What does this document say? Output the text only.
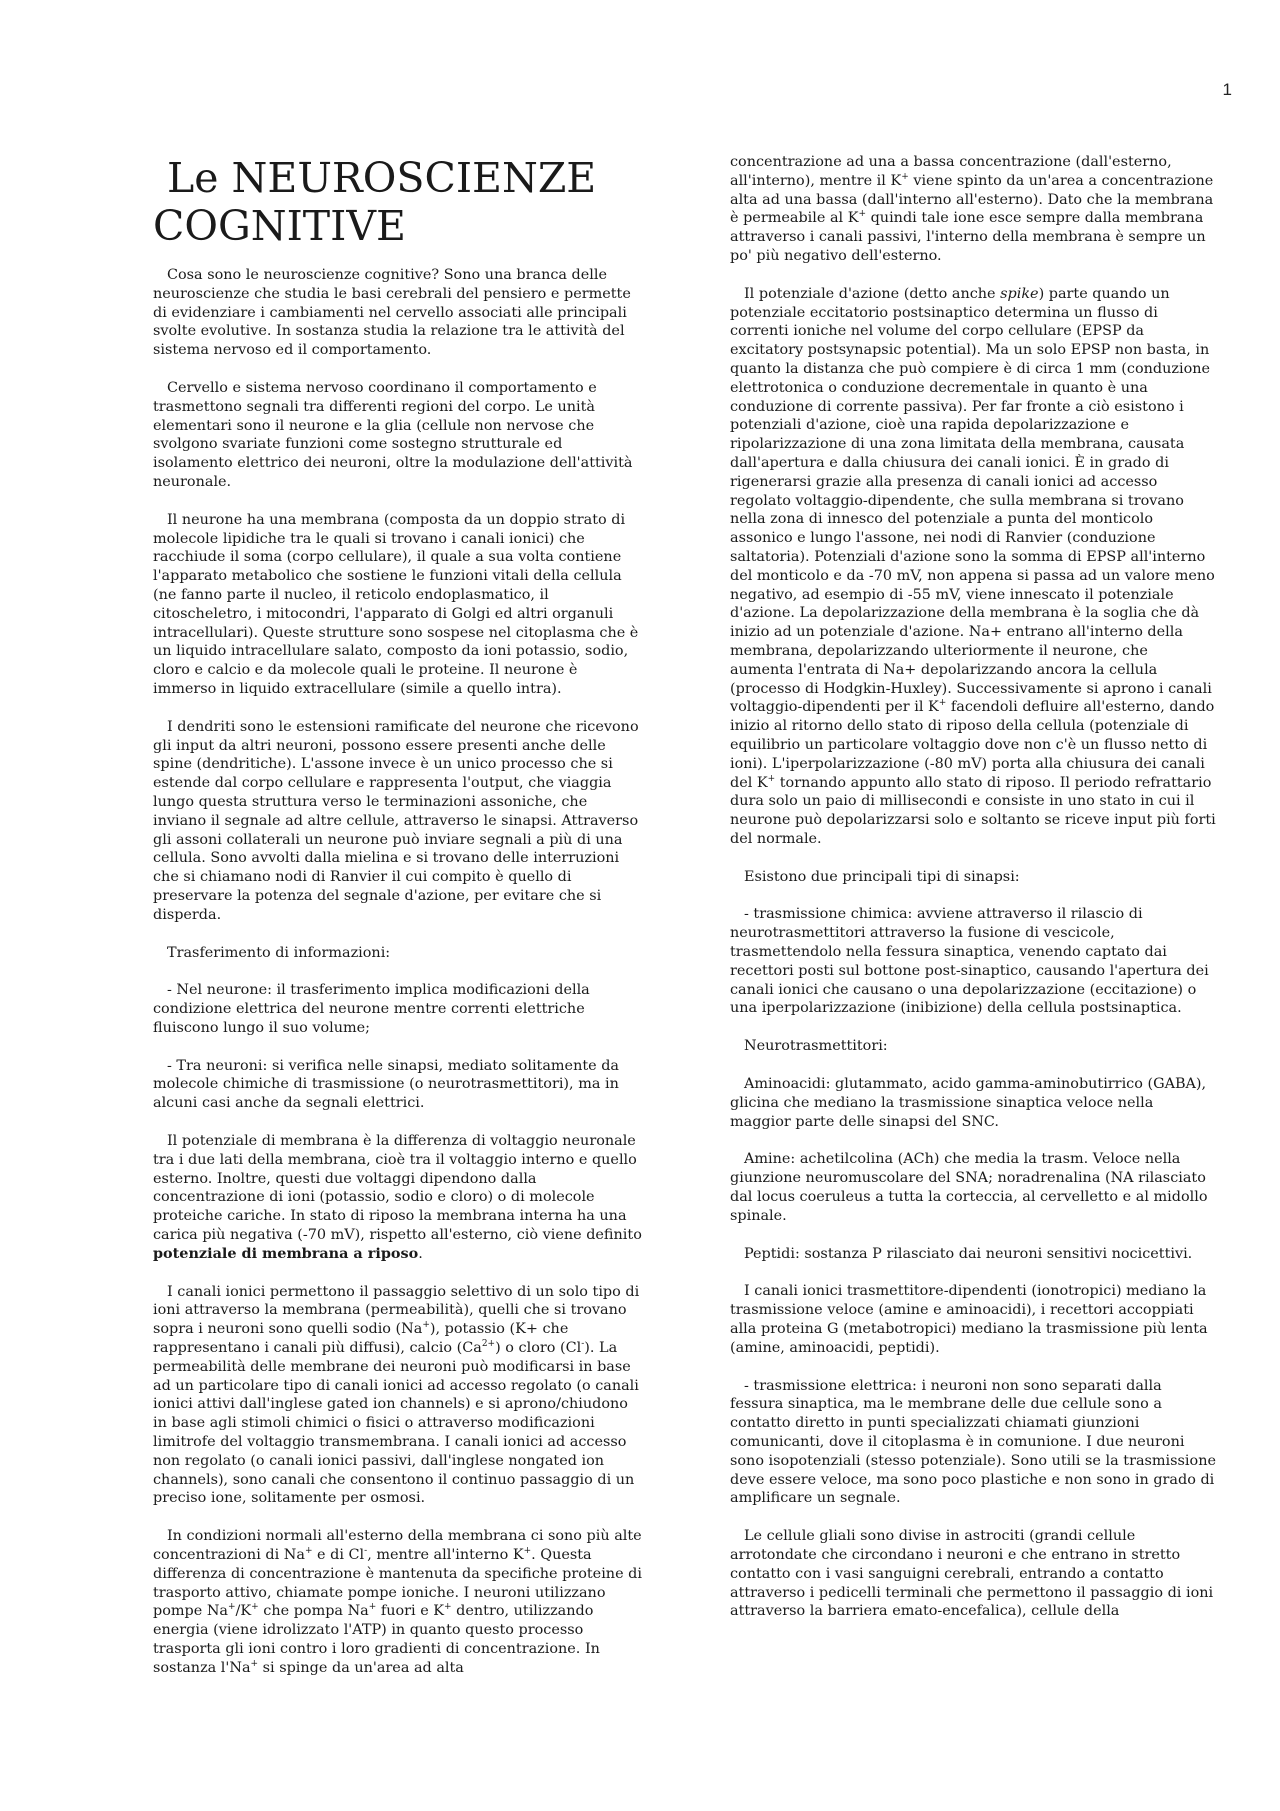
1
Le NEUROSCIENZE
COGNITIVE

Cosa sono le neuroscienze cognitive? Sono una branca delle neuroscienze che studia le basi cerebrali del pensiero e permette di evidenziare i cambiamenti nel cervello associati alle principali svolte evolutive. In sostanza studia la relazione tra le attività del sistema nervoso ed il comportamento.

Cervello e sistema nervoso coordinano il comportamento e trasmettono segnali tra differenti regioni del corpo. Le unità elementari sono il neurone e la glia (cellule non nervose che svolgono svariate funzioni come sostegno strutturale ed isolamento elettrico dei neuroni, oltre la modulazione dell'attività neuronale.

Il neurone ha una membrana (composta da un doppio strato di molecole lipidiche tra le quali si trovano i canali ionici) che racchiude il soma (corpo cellulare), il quale a sua volta contiene l'apparato metabolico che sostiene le funzioni vitali della cellula (ne fanno parte il nucleo, il reticolo endoplasmatico, il citoscheletro, i mitocondri, l'apparato di Golgi ed altri organuli intracellulari). Queste strutture sono sospese nel citoplasma che è un liquido intracellulare salato, composto da ioni potassio, sodio, cloro e calcio e da molecole quali le proteine. Il neurone è immerso in liquido extracellulare (simile a quello intra).

I dendriti sono le estensioni ramificate del neurone che ricevono gli input da altri neuroni, possono essere presenti anche delle spine (dendritiche). L'assone invece è un unico processo che si estende dal corpo cellulare e rappresenta l'output, che viaggia lungo questa struttura verso le terminazioni assoniche, che inviano il segnale ad altre cellule, attraverso le sinapsi. Attraverso gli assoni collaterali un neurone può inviare segnali a più di una cellula. Sono avvolti dalla mielina e si trovano delle interruzioni che si chiamano nodi di Ranvier il cui compito è quello di preservare la potenza del segnale d'azione, per evitare che si disperda.

Trasferimento di informazioni:

- Nel neurone: il trasferimento implica modificazioni della condizione elettrica del neurone mentre correnti elettriche fluiscono lungo il suo volume;

- Tra neuroni: si verifica nelle sinapsi, mediato solitamente da molecole chimiche di trasmissione (o neurotrasmettitori), ma in alcuni casi anche da segnali elettrici.

Il potenziale di membrana è la differenza di voltaggio neuronale tra i due lati della membrana, cioè tra il voltaggio interno e quello esterno. Inoltre, questi due voltaggi dipendono dalla concentrazione di ioni (potassio, sodio e cloro) o di molecole proteiche cariche. In stato di riposo la membrana interna ha una carica più negativa (-70 mV), rispetto all'esterno, ciò viene definito potenziale di membrana a riposo.

I canali ionici permettono il passaggio selettivo di un solo tipo di ioni attraverso la membrana (permeabilità), quelli che si trovano sopra i neuroni sono quelli sodio (Na+), potassio (K+ che rappresentano i canali più diffusi), calcio $(Ca^{2+})$ o cloro (Cl-). La permeabilità delle membrane dei neuroni può modificarsi in base ad un particolare tipo di canali ionici ad accesso regolato (o canali ionici attivi dall'inglese gated ion channels) e si aprono/chiudono in base agli stimoli chimici o fisici o attraverso modificazioni limitrofe del voltaggio transmembrana. I canali ionici ad accesso non regolato (o canali ionici passivi, dall'inglese nongated ion channels), sono canali che consentono il continuo passaggio di un preciso ione, solitamente per osmosi.

In condizioni normali all'esterno della membrana ci sono più alte concentrazioni di Na+ e di Cl-, mentre all'interno K+. Questa differenza di concentrazione è mantenuta da specifiche proteine di trasporto attivo, chiamate pompe ioniche. I neuroni utilizzano pompe Na+/K+ che pompa Na+ fuori e K+ dentro, utilizzando energia (viene idrolizzato l'ATP) in quanto questo processo trasporta gli ioni contro i loro gradienti di concentrazione. In sostanza l'Na+ si spinge da un'area ad alta

concentrazione ad una a bassa concentrazione (dall'esterno, all'interno), mentre il K+ viene spinto da un'area a concentrazione alta ad una bassa (dall'interno all'esterno). Dato che la membrana è permeabile al K+ quindi tale ione esce sempre dalla membrana attraverso i canali passivi, l'interno della membrana è sempre un po' più negativo dell'esterno.

Il potenziale d'azione (detto anche spike) parte quando un potenziale eccitatorio postsinaptico determina un flusso di correnti ioniche nel volume del corpo cellulare (EPSP da excitatory postsynapsic potential). Ma un solo EPSP non basta, in quanto la distanza che può compiere è di circa 1 mm (conduzione elettrotonica o conduzione decrementale in quanto è una conduzione di corrente passiva). Per far fronte a ciò esistono i potenziali d'azione, cioè una rapida depolarizzazione e ripolarizzazione di una zona limitata della membrana, causata dall'apertura e dalla chiusura dei canali ionici. È in grado di rigenerarsi grazie alla presenza di canali ionici ad accesso regolato voltaggio-dipendente, che sulla membrana si trovano nella zona di innesco del potenziale a punta del monticolo assonico e lungo l'assone, nei nodi di Ranvier (conduzione saltatoria). Potenziali d'azione sono la somma di EPSP all'interno del monticolo e da -70 mV, non appena si passa ad un valore meno negativo, ad esempio di -55 mV, viene innescato il potenziale d'azione. La depolarizzazione della membrana è la soglia che dà inizio ad un potenziale d'azione. Na+ entrano all'interno della membrana, depolarizzando ulteriormente il neurone, che aumenta l'entrata di Na+ depolarizzando ancora la cellula (processo di Hodgkin-Huxley). Successivamente si aprono i canali voltaggio-dipendenti per il K+ facendoli defluire all'esterno, dando inizio al ritorno dello stato di riposo della cellula (potenziale di equilibrio un particolare voltaggio dove non c'è un flusso netto di ioni). L'iperpolarizzazione (-80 mV) porta alla chiusura dei canali del K+ tornando appunto allo stato di riposo. Il periodo refrattario dura solo un paio di millisecondi e consiste in uno stato in cui il neurone può depolarizzarsi solo e soltanto se riceve input più forti del normale.

Esistono due principali tipi di sinapsi:

- trasmissione chimica: avviene attraverso il rilascio di neurotrasmettitori attraverso la fusione di vescicole, trasmettendolo nella fessura sinaptica, venendo captato dai recettori posti sul bottone post-sinaptico, causando l'apertura dei canali ionici che causano o una depolarizzazione (eccitazione) o una iperpolarizzazione (inibizione) della cellula postsinaptica.

Neurotrasmettitori:

Aminoacidi: glutammato, acido gamma-aminobutirrico (GABA), glicina che mediano la trasmissione sinaptica veloce nella maggior parte delle sinapsi del SNC.

Amine: achetilcolina (ACh) che media la trasm. Veloce nella giunzione neuromuscolare del SNA; noradrenalina (NA rilasciato dal locus coeruleus a tutta la corteccia, al cervelletto e al midollo spinale.

Peptidi: sostanza P rilasciato dai neuroni sensitivi nocicettivi.

I canali ionici trasmettitore-dipendenti (ionotropici) mediano la trasmissione veloce (amine e aminoacidi), i recettori accoppiati alla proteina G (metabotropici) mediano la trasmissione più lenta (amine, aminoacidi, peptidi).

- trasmissione elettrica: i neuroni non sono separati dalla fessura sinaptica, ma le membrane delle due cellule sono a contatto diretto in punti specializzati chiamati giunzioni comunicanti, dove il citoplasma è in comunione. I due neuroni sono isopotenziali (stesso potenziale). Sono utili se la trasmissione deve essere veloce, ma sono poco plastiche e non sono in grado di amplificare un segnale.

Le cellule gliali sono divise in astrociti (grandi cellule arrotondate che circondano i neuroni e che entrano in stretto contatto con i vasi sanguigni cerebrali, entrando a contatto attraverso i pedicelli terminali che permettono il passaggio di ioni attraverso la barriera emato-encefalica), cellule della
